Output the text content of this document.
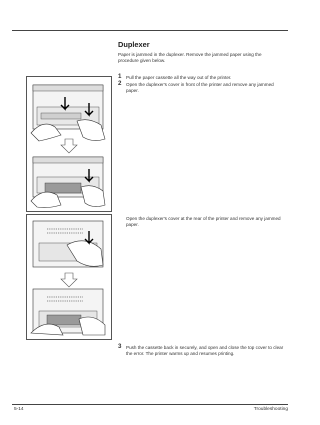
Duplexer
Paper is jammed in the duplexer. Remove the jammed paper using the procedure given below.
1 Pull the paper cassette all the way out of the printer.
2 Open the duplexer's cover in front of the printer and remove any jammed paper.
Open the duplexer's cover at the rear of the printer and remove any jammed paper.
3 Push the cassette back in securely, and open and close the top cover to clear the error. The printer warms up and resumes printing.
5-14	Troubleshooting
